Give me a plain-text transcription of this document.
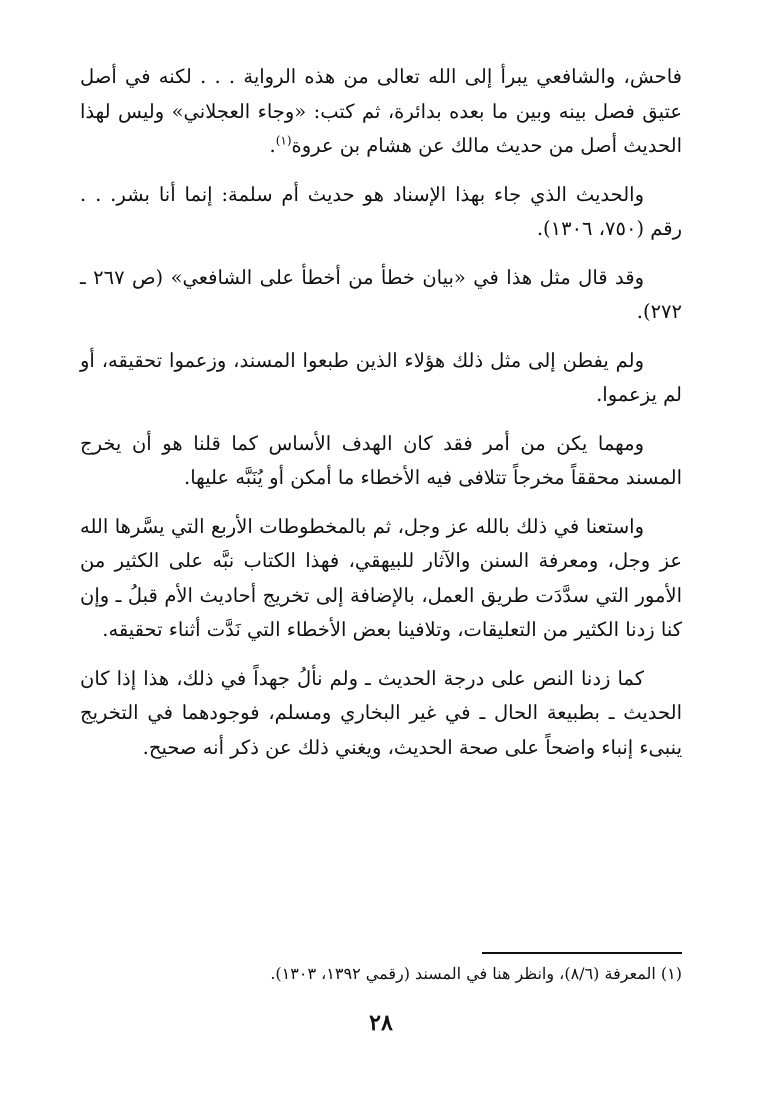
فاحش، والشافعي يبرأ إلى الله تعالى من هذه الرواية . . . لكنه في أصل عتيق فصل بينه وبين ما بعده بدائرة، ثم كتب: «وجاء العجلاني» وليس لهذا الحديث أصل من حديث مالك عن هشام بن عروة$^{(١)}$.

والحديث الذي جاء بهذا الإسناد هو حديث أم سلمة: إنما أنا بشر. . . رقم (٧٥٠، ١٣٠٦).

وقد قال مثل هذا في «بيان خطأ من أخطأ على الشافعي» (ص ٢٦٧ ـ ٢٧٢).

ولم يفطن إلى مثل ذلك هؤلاء الذين طبعوا المسند، وزعموا تحقيقه، أو لم يزعموا.

ومهما يكن من أمر فقد كان الهدف الأساس كما قلنا هو أن يخرج المسند محققاً مخرجاً تتلافى فيه الأخطاء ما أمكن أو يُنَبَّه عليها.

واستعنا في ذلك بالله عز وجل، ثم بالمخطوطات الأربع التي يسَّرها الله عز وجل، ومعرفة السنن والآثار للبيهقي، فهذا الكتاب نبَّه على الكثير من الأمور التي سدَّدَت طريق العمل، بالإضافة إلى تخريج أحاديث الأم قبلُ ـ وإن كنا زدنا الكثير من التعليقات، وتلافينا بعض الأخطاء التي نَدَّت أثناء تحقيقه.

كما زدنا النص على درجة الحديث ـ ولم نألُ جهداً في ذلك، هذا إذا كان الحديث ـ بطبيعة الحال ـ في غير البخاري ومسلم، فوجودهما في التخريج ينبىء إنباء واضحاً على صحة الحديث، ويغني ذلك عن ذكر أنه صحيح.

(١) المعرفة (٨/٦)، وانظر هنا في المسند (رقمي ١٣٩٢، ١٣٠٣).
٢٨
